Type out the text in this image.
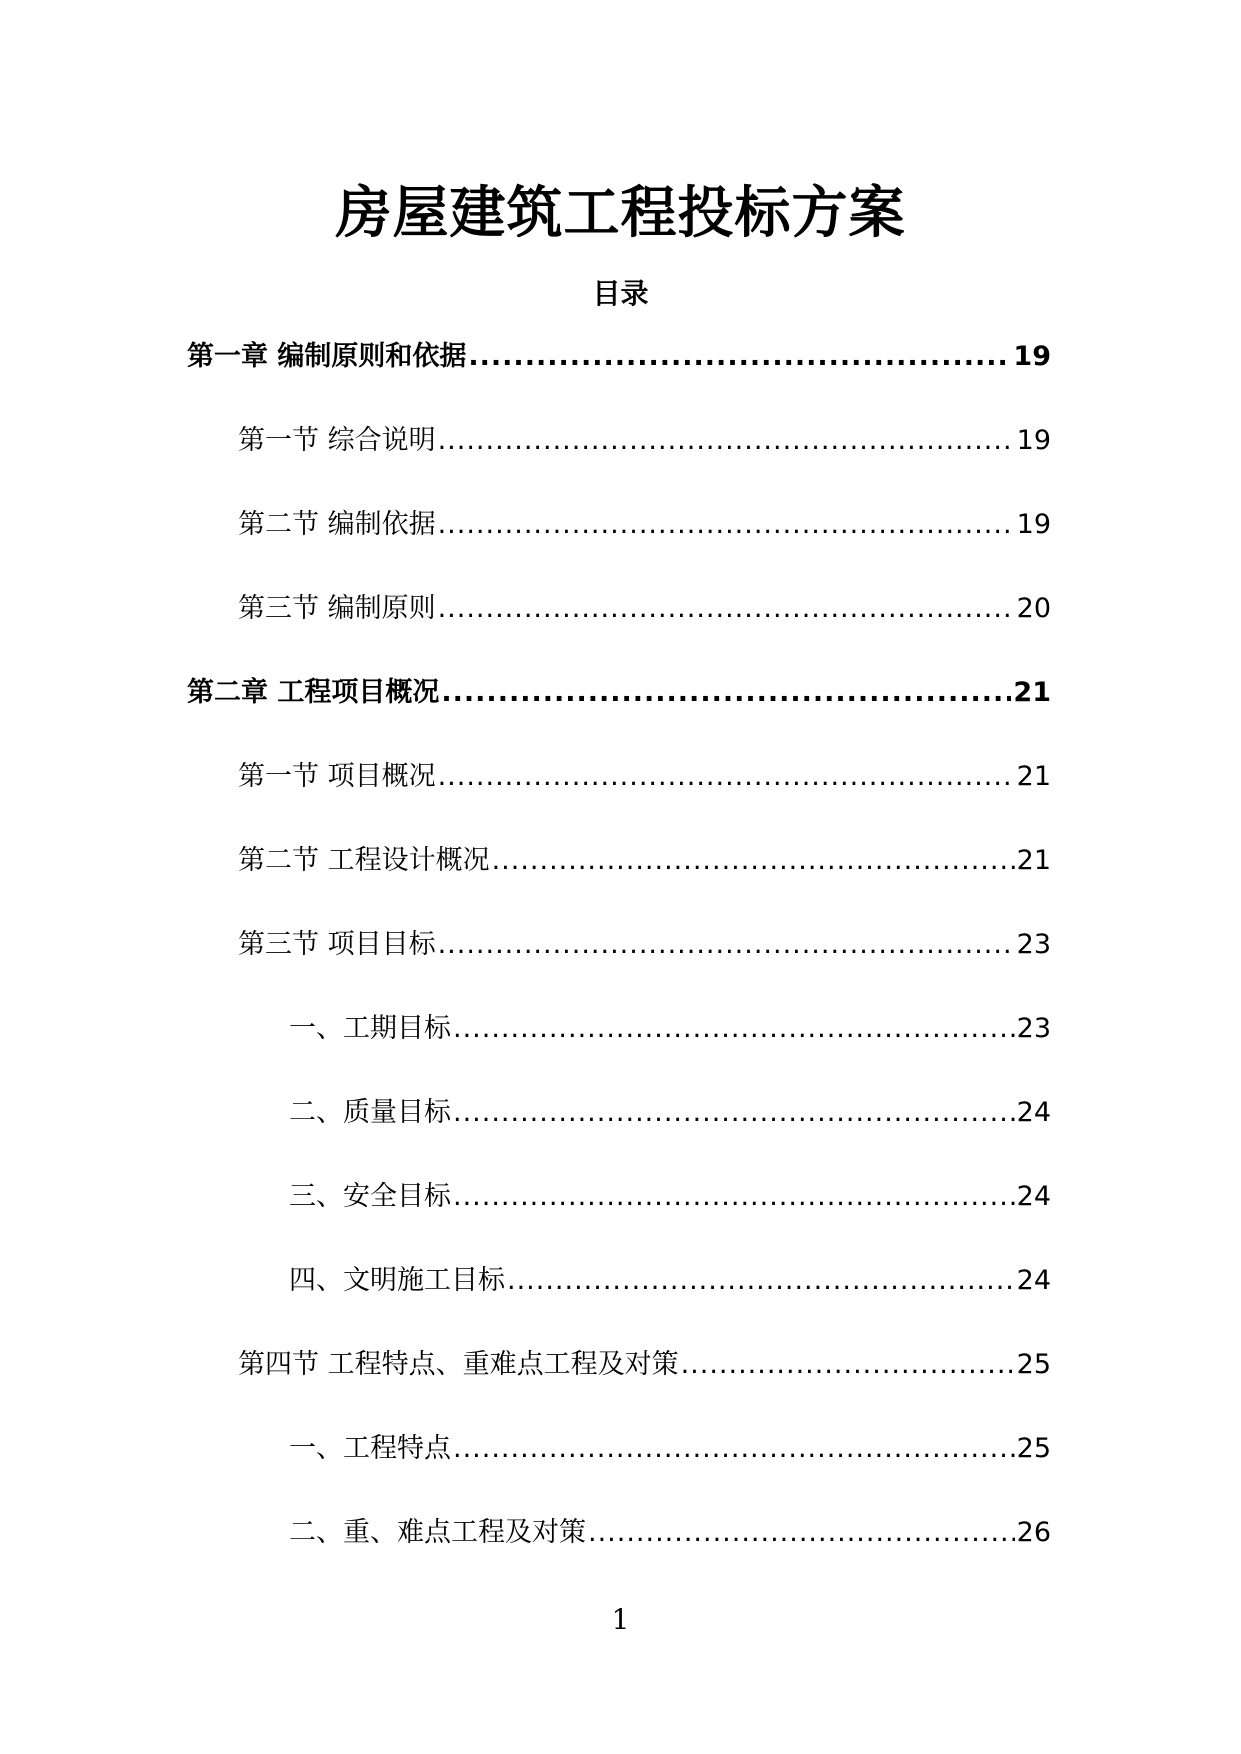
房屋建筑工程投标方案
目录
第一章 编制原则和依据 .....	19
第一节 综合说明 .....	19
第二节 编制依据 .....	19
第三节 编制原则 .....	20
第二章 工程项目概况 .....	21
第一节 项目概况 .....	21
第二节 工程设计概况 .....	21
第三节 项目目标 .....	23
一、工期目标 .....	23
二、质量目标 .....	24
三、安全目标 .....	24
四、文明施工目标 .....	24
第四节 工程特点、重难点工程及对策 .....	25
一、工程特点 .....	25
二、重、难点工程及对策 .....	26
1
